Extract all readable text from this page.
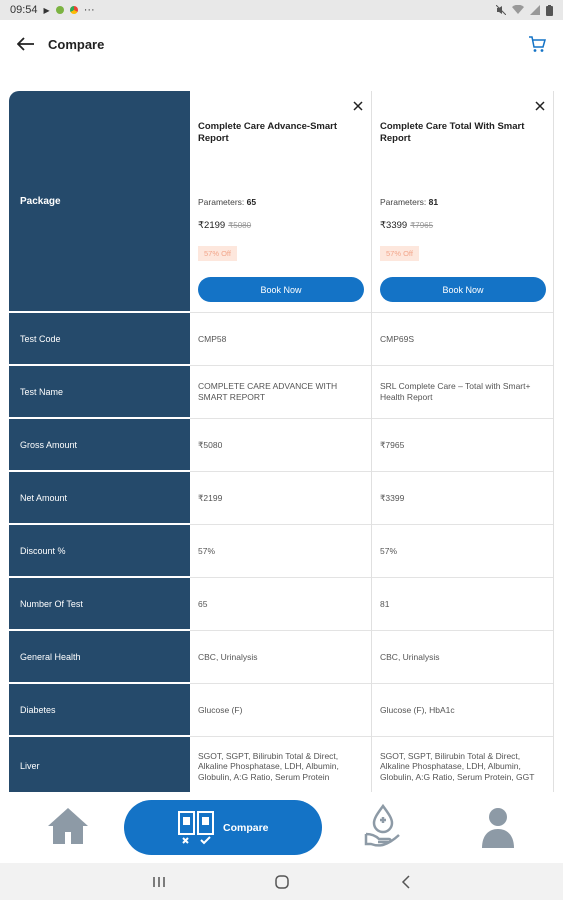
09:54 ▶	···
Compare
Package
Test Code
Test Name
Gross Amount
Net Amount
Discount %
Number Of Test
General Health
Diabetes
Liver
Complete Care Advance-Smart Report
Parameters: 65
₹2199 ₹5080
57% Off
Book Now
CMP58
COMPLETE CARE ADVANCE WITH SMART REPORT
₹5080
₹2199
57%
65
CBC, Urinalysis
Glucose (F)
SGOT, SGPT, Bilirubin Total & Direct, Alkaline Phosphatase, LDH, Albumin, Globulin, A:G Ratio, Serum Protein
Complete Care Total With Smart Report
Parameters: 81
₹3399 ₹7965
57% Off
Book Now
CMP69S
SRL Complete Care – Total with Smart+ Health Report
₹7965
₹3399
57%
81
CBC, Urinalysis
Glucose (F), HbA1c
SGOT, SGPT, Bilirubin Total & Direct, Alkaline Phosphatase, LDH, Albumin, Globulin, A:G Ratio, Serum Protein, GGT
Compare
